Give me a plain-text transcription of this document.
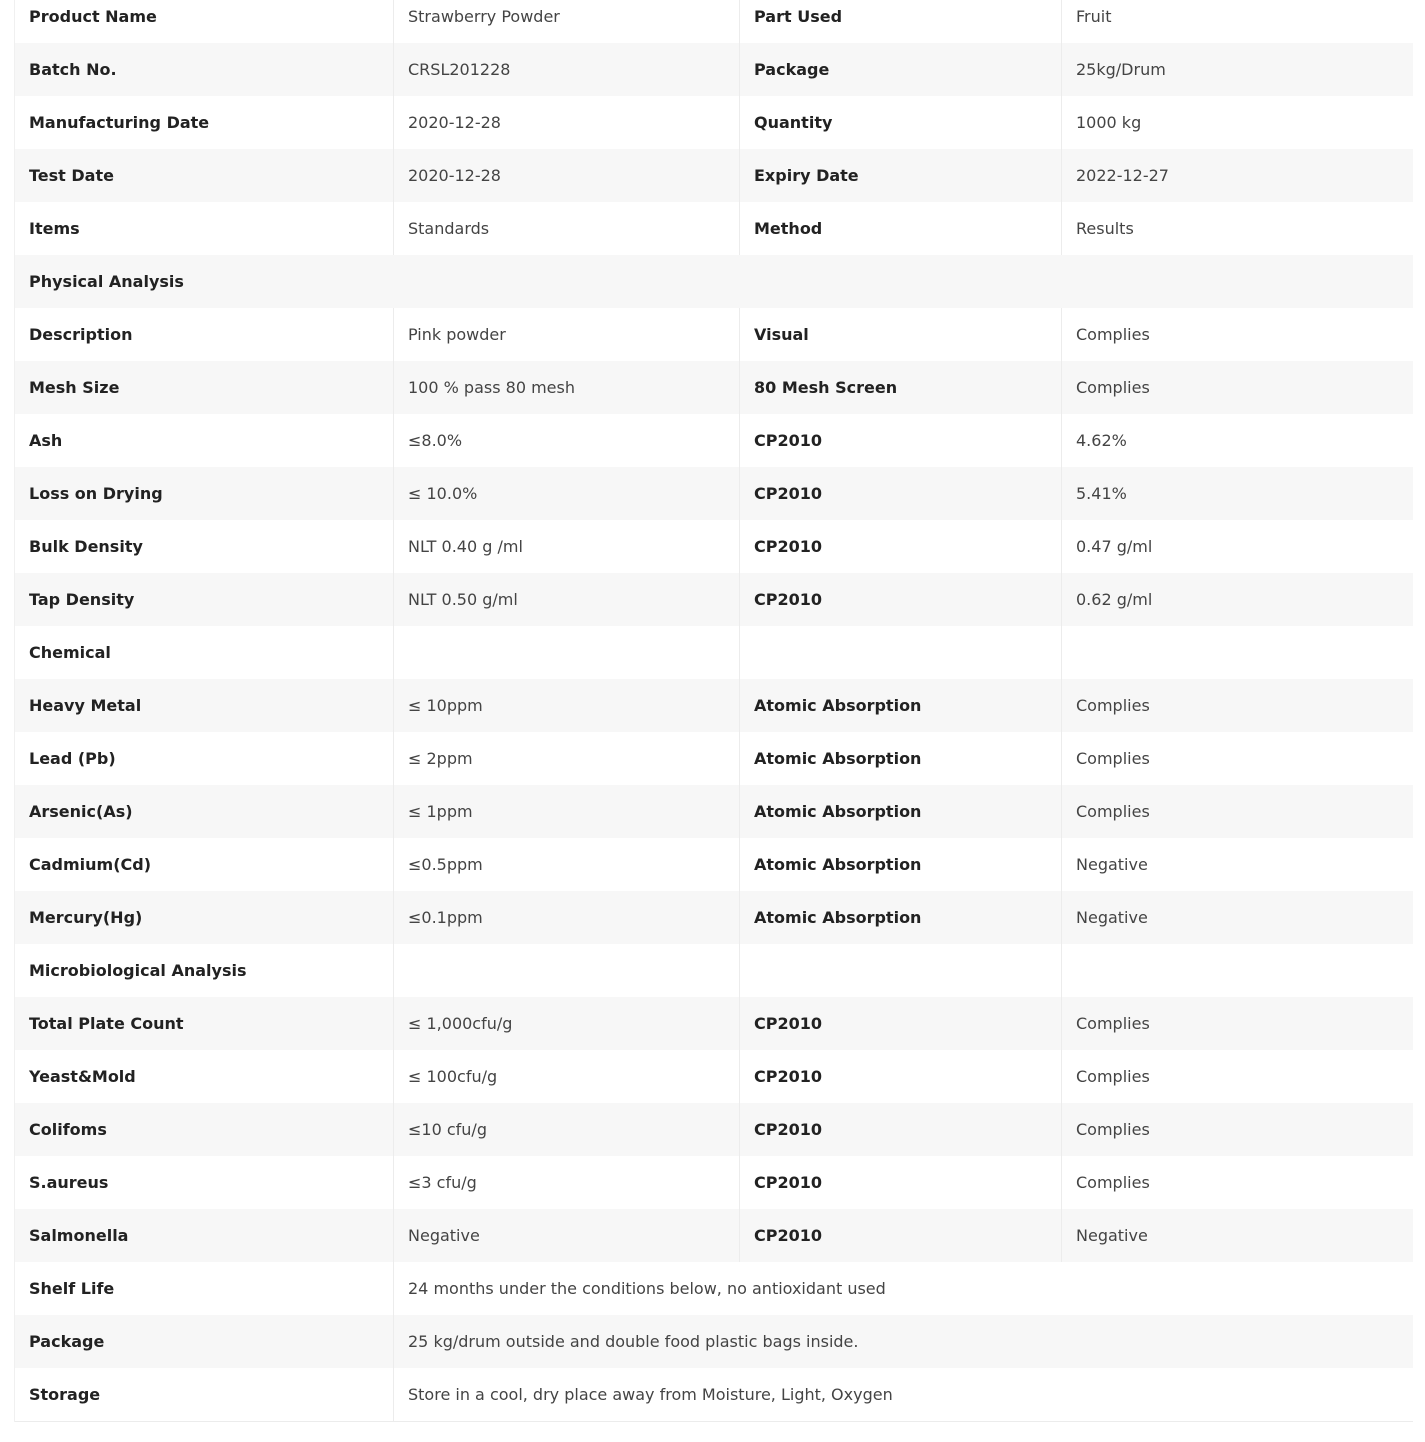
Product Name	Strawberry Powder	Part Used	Fruit
Batch No.	CRSL201228	Package	25kg/Drum
Manufacturing Date	2020-12-28	Quantity	1000 kg
Test Date	2020-12-28	Expiry Date	2022-12-27
Items	Standards	Method	Results
Physical Analysis			
Description	Pink powder	Visual	Complies
Mesh Size	100 % pass 80 mesh	80 Mesh Screen	Complies
Ash	≤8.0%	CP2010	4.62%
Loss on Drying	≤ 10.0%	CP2010	5.41%
Bulk Density	NLT 0.40 g /ml	CP2010	0.47 g/ml
Tap Density	NLT 0.50 g/ml	CP2010	0.62 g/ml
Chemical			
Heavy Metal	≤ 10ppm	Atomic Absorption	Complies
Lead (Pb)	≤ 2ppm	Atomic Absorption	Complies
Arsenic(As)	≤ 1ppm	Atomic Absorption	Complies
Cadmium(Cd)	≤0.5ppm	Atomic Absorption	Negative
Mercury(Hg)	≤0.1ppm	Atomic Absorption	Negative
Microbiological Analysis			
Total Plate Count	≤ 1,000cfu/g	CP2010	Complies
Yeast&Mold	≤ 100cfu/g	CP2010	Complies
Colifoms	≤10 cfu/g	CP2010	Complies
S.aureus	≤3 cfu/g	CP2010	Complies
Salmonella	Negative	CP2010	Negative
Shelf Life	24 months under the conditions below, no antioxidant used		
Package	25 kg/drum outside and double food plastic bags inside.		
Storage	Store in a cool, dry place away from Moisture, Light, Oxygen		
